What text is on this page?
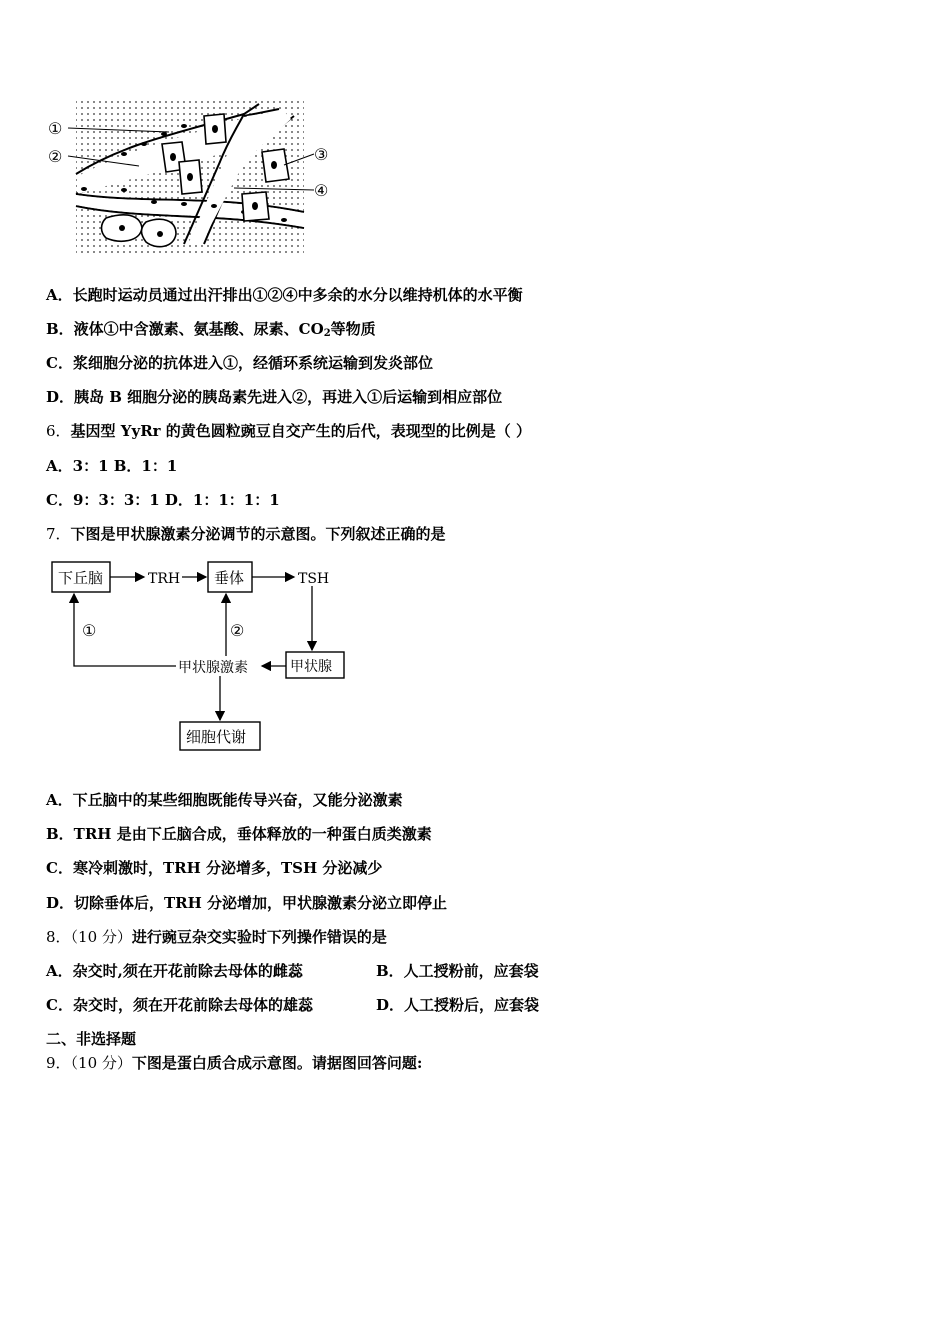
①
②	③
④
A．长跑时运动员通过出汗排出①②④中多余的水分以维持机体的水平衡
B．液体①中含激素、氨基酸、尿素、$CO_2$等物质
C．浆细胞分泌的抗体进入①，经循环系统运输到发炎部位
D．胰岛 B 细胞分泌的胰岛素先进入②，再进入①后运输到相应部位
6．基因型 YyRr 的黄色圆粒豌豆自交产生的后代，表现型的比例是（ ）
A．3：1 B．1：1
C．9：3：3：1 D．1：1：1：1
7．下图是甲状腺激素分泌调节的示意图。下列叙述正确的是
下丘脑	垂体
甲状腺
细胞代谢
TRH	TSH
甲状腺激素
①	②
A．下丘脑中的某些细胞既能传导兴奋，又能分泌激素
B．TRH 是由下丘脑合成，垂体释放的一种蛋白质类激素
C．寒冷刺激时，TRH 分泌增多，TSH 分泌减少
D．切除垂体后，TRH 分泌增加，甲状腺激素分泌立即停止
8．（10 分）进行豌豆杂交实验时下列操作错误的是
A．杂交时,须在开花前除去母体的雌蕊	B．人工授粉前，应套袋
C．杂交时，须在开花前除去母体的雄蕊	D．人工授粉后，应套袋
二、非选择题
9．（10 分）下图是蛋白质合成示意图。请据图回答问题:
